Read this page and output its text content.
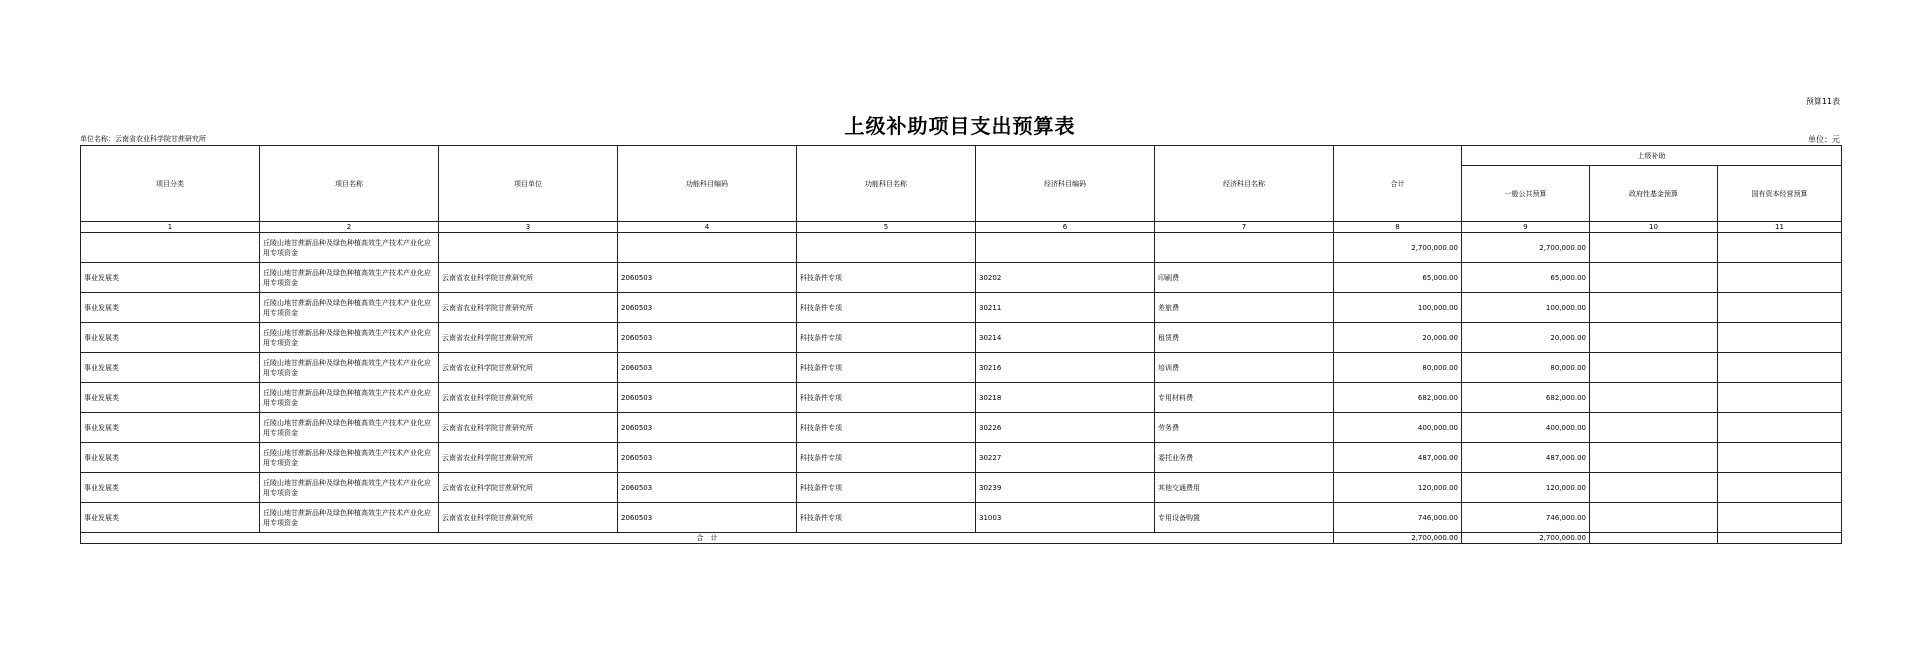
预算11表
上级补助项目支出预算表
单位名称：云南省农业科学院甘蔗研究所	单位：元
项目分类	项目名称	项目单位	功能科目编码	功能科目名称	经济科目编码	经济科目名称	合计	上级补助		
								一般公共预算	政府性基金预算	国有资本经营预算
1	2	3	4	5	6	7	8	9	10	11
	丘陵山地甘蔗新品种及绿色种植高效生产技术产业化应用专项资金						2,700,000.00	2,700,000.00		
事业发展类	丘陵山地甘蔗新品种及绿色种植高效生产技术产业化应用专项资金	云南省农业科学院甘蔗研究所	2060503	科技条件专项	30202	印刷费	65,000.00	65,000.00		
事业发展类	丘陵山地甘蔗新品种及绿色种植高效生产技术产业化应用专项资金	云南省农业科学院甘蔗研究所	2060503	科技条件专项	30211	差旅费	100,000.00	100,000.00		
事业发展类	丘陵山地甘蔗新品种及绿色种植高效生产技术产业化应用专项资金	云南省农业科学院甘蔗研究所	2060503	科技条件专项	30214	租赁费	20,000.00	20,000.00		
事业发展类	丘陵山地甘蔗新品种及绿色种植高效生产技术产业化应用专项资金	云南省农业科学院甘蔗研究所	2060503	科技条件专项	30216	培训费	80,000.00	80,000.00		
事业发展类	丘陵山地甘蔗新品种及绿色种植高效生产技术产业化应用专项资金	云南省农业科学院甘蔗研究所	2060503	科技条件专项	30218	专用材料费	682,000.00	682,000.00		
事业发展类	丘陵山地甘蔗新品种及绿色种植高效生产技术产业化应用专项资金	云南省农业科学院甘蔗研究所	2060503	科技条件专项	30226	劳务费	400,000.00	400,000.00		
事业发展类	丘陵山地甘蔗新品种及绿色种植高效生产技术产业化应用专项资金	云南省农业科学院甘蔗研究所	2060503	科技条件专项	30227	委托业务费	487,000.00	487,000.00		
事业发展类	丘陵山地甘蔗新品种及绿色种植高效生产技术产业化应用专项资金	云南省农业科学院甘蔗研究所	2060503	科技条件专项	30239	其他交通费用	120,000.00	120,000.00		
事业发展类	丘陵山地甘蔗新品种及绿色种植高效生产技术产业化应用专项资金	云南省农业科学院甘蔗研究所	2060503	科技条件专项	31003	专用设备购置	746,000.00	746,000.00		
合　计							2,700,000.00	2,700,000.00		
